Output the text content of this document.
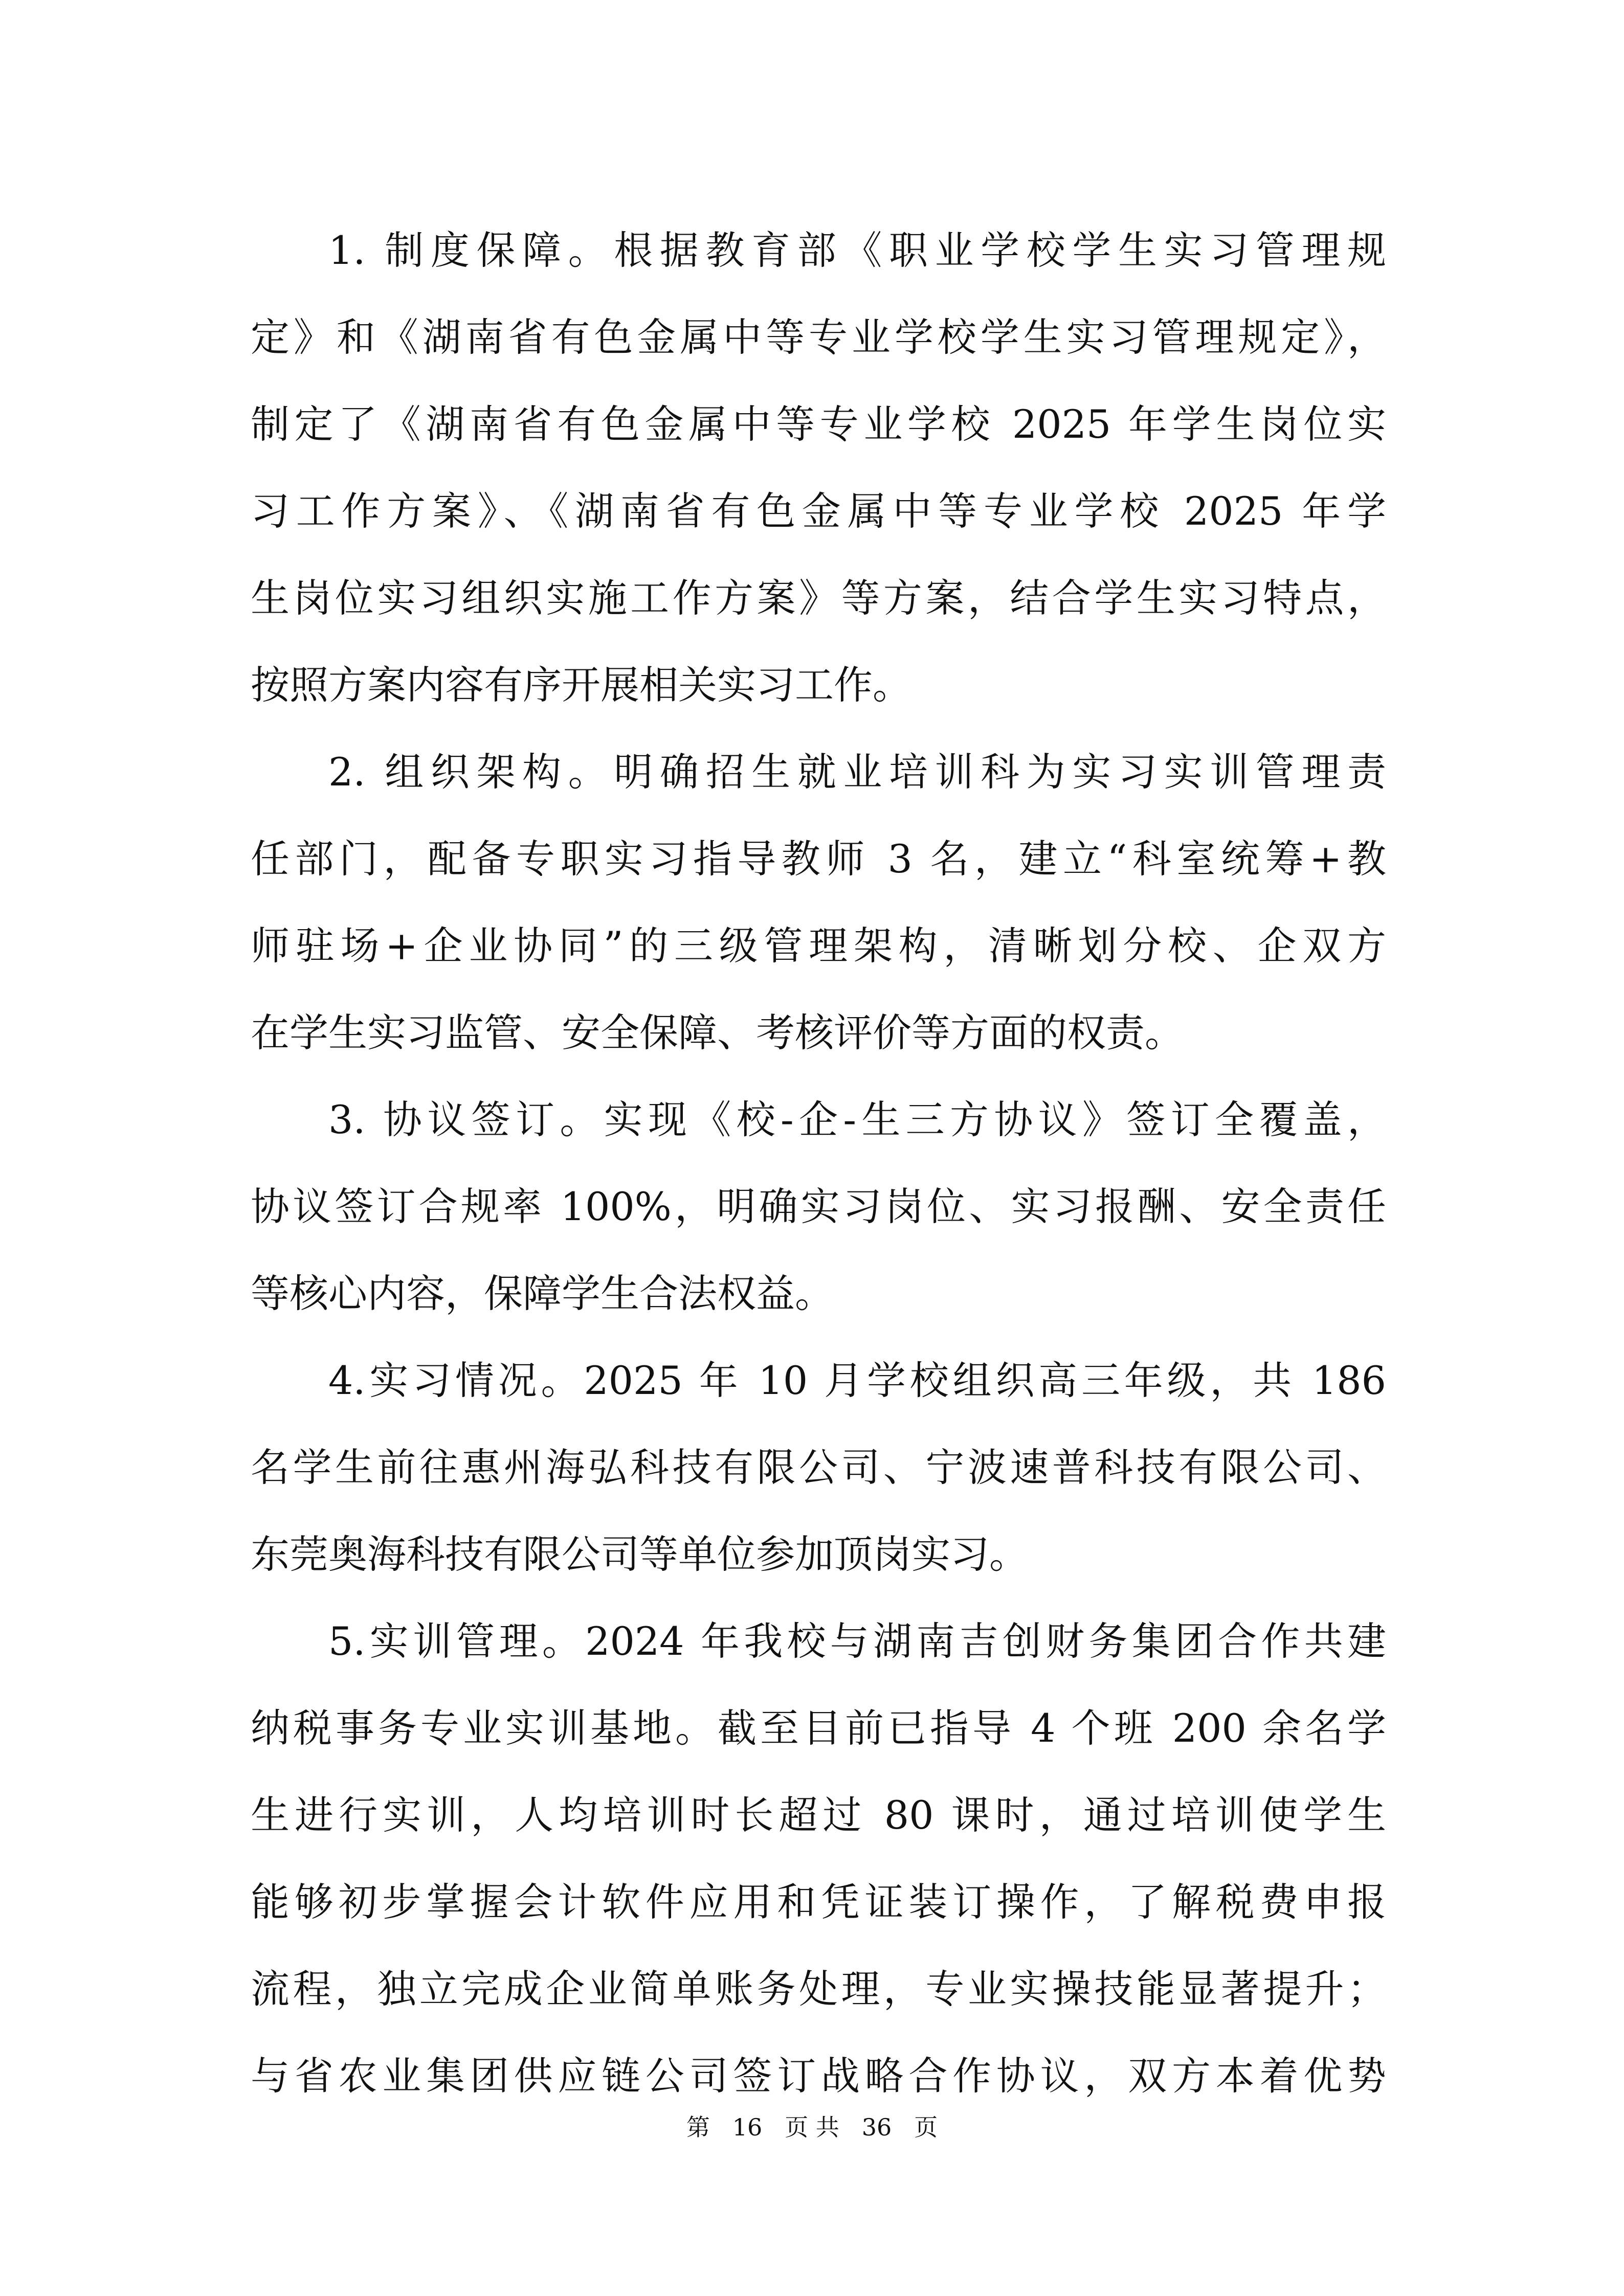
1. 制度保障。根据教育部《职业学校学生实习管理规
定》和《湖南省有色金属中等专业学校学生实习管理规定》，
制定了《湖南省有色金属中等专业学校 2025 年学生岗位实
习工作方案》、《湖南省有色金属中等专业学校 2025 年学
生岗位实习组织实施工作方案》等方案，结合学生实习特点，
按照方案内容有序开展相关实习工作。
2. 组织架构。明确招生就业培训科为实习实训管理责
任部门，配备专职实习指导教师 3 名，建立“科室统筹+教
师驻场+企业协同”的三级管理架构，清晰划分校、企双方
在学生实习监管、安全保障、考核评价等方面的权责。
3. 协议签订。实现《校-企-生三方协议》签订全覆盖，
协议签订合规率 100%，明确实习岗位、实习报酬、安全责任
等核心内容，保障学生合法权益。
4.实习情况。2025 年 10 月学校组织高三年级，共 186
名学生前往惠州海弘科技有限公司、宁波速普科技有限公司、
东莞奥海科技有限公司等单位参加顶岗实习。
5.实训管理。2024 年我校与湖南吉创财务集团合作共建
纳税事务专业实训基地。截至目前已指导 4 个班 200 余名学
生进行实训，人均培训时长超过 80 课时，通过培训使学生
能够初步掌握会计软件应用和凭证装订操作，了解税费申报
流程，独立完成企业简单账务处理，专业实操技能显著提升；
与省农业集团供应链公司签订战略合作协议，双方本着优势
第 16 页 共 36 页
